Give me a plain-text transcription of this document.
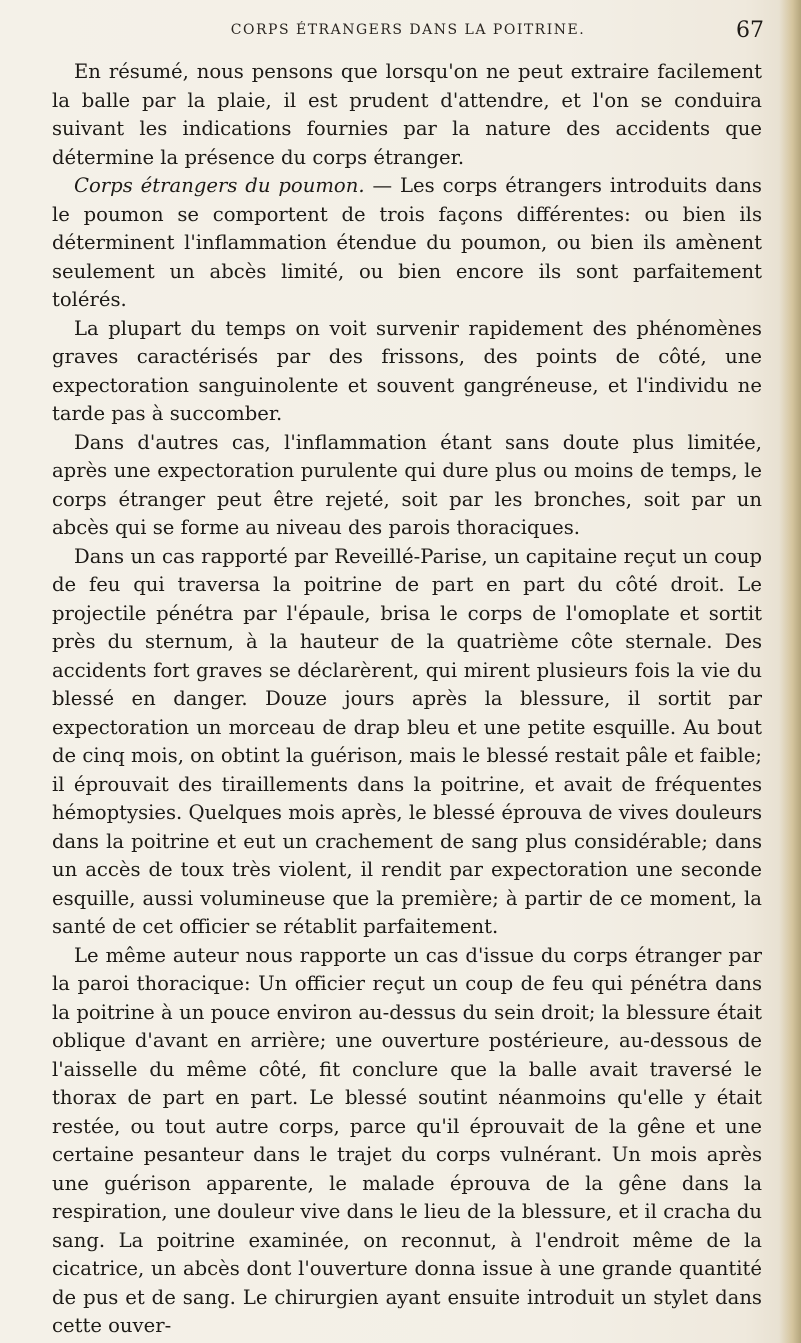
CORPS ÉTRANGERS DANS LA POITRINE.	67

En résumé, nous pensons que lorsqu'on ne peut extraire facilement la balle par la plaie, il est prudent d'attendre, et l'on se conduira suivant les indications fournies par la nature des accidents que détermine la présence du corps étranger.

Corps étrangers du poumon. — Les corps étrangers introduits dans le poumon se comportent de trois façons différentes: ou bien ils déterminent l'inflammation étendue du poumon, ou bien ils amènent seulement un abcès limité, ou bien encore ils sont parfaitement tolérés.

La plupart du temps on voit survenir rapidement des phénomènes graves caractérisés par des frissons, des points de côté, une expectoration sanguinolente et souvent gangréneuse, et l'individu ne tarde pas à succomber.

Dans d'autres cas, l'inflammation étant sans doute plus limitée, après une expectoration purulente qui dure plus ou moins de temps, le corps étranger peut être rejeté, soit par les bronches, soit par un abcès qui se forme au niveau des parois thoraciques.

Dans un cas rapporté par Reveillé-Parise, un capitaine reçut un coup de feu qui traversa la poitrine de part en part du côté droit. Le projectile pénétra par l'épaule, brisa le corps de l'omoplate et sortit près du sternum, à la hauteur de la quatrième côte sternale. Des accidents fort graves se déclarèrent, qui mirent plusieurs fois la vie du blessé en danger. Douze jours après la blessure, il sortit par expectoration un morceau de drap bleu et une petite esquille. Au bout de cinq mois, on obtint la guérison, mais le blessé restait pâle et faible; il éprouvait des tiraillements dans la poitrine, et avait de fréquentes hémoptysies. Quelques mois après, le blessé éprouva de vives douleurs dans la poitrine et eut un crachement de sang plus considérable; dans un accès de toux très violent, il rendit par expectoration une seconde esquille, aussi volumineuse que la première; à partir de ce moment, la santé de cet officier se rétablit parfaitement.

Le même auteur nous rapporte un cas d'issue du corps étranger par la paroi thoracique: Un officier reçut un coup de feu qui pénétra dans la poitrine à un pouce environ au-dessus du sein droit; la blessure était oblique d'avant en arrière; une ouverture postérieure, au-dessous de l'aisselle du même côté, fit conclure que la balle avait traversé le thorax de part en part. Le blessé soutint néanmoins qu'elle y était restée, ou tout autre corps, parce qu'il éprouvait de la gêne et une certaine pesanteur dans le trajet du corps vulnérant. Un mois après une guérison apparente, le malade éprouva de la gêne dans la respiration, une douleur vive dans le lieu de la blessure, et il cracha du sang. La poitrine examinée, on reconnut, à l'endroit même de la cicatrice, un abcès dont l'ouverture donna issue à une grande quantité de pus et de sang. Le chirurgien ayant ensuite introduit un stylet dans cette ouver-
